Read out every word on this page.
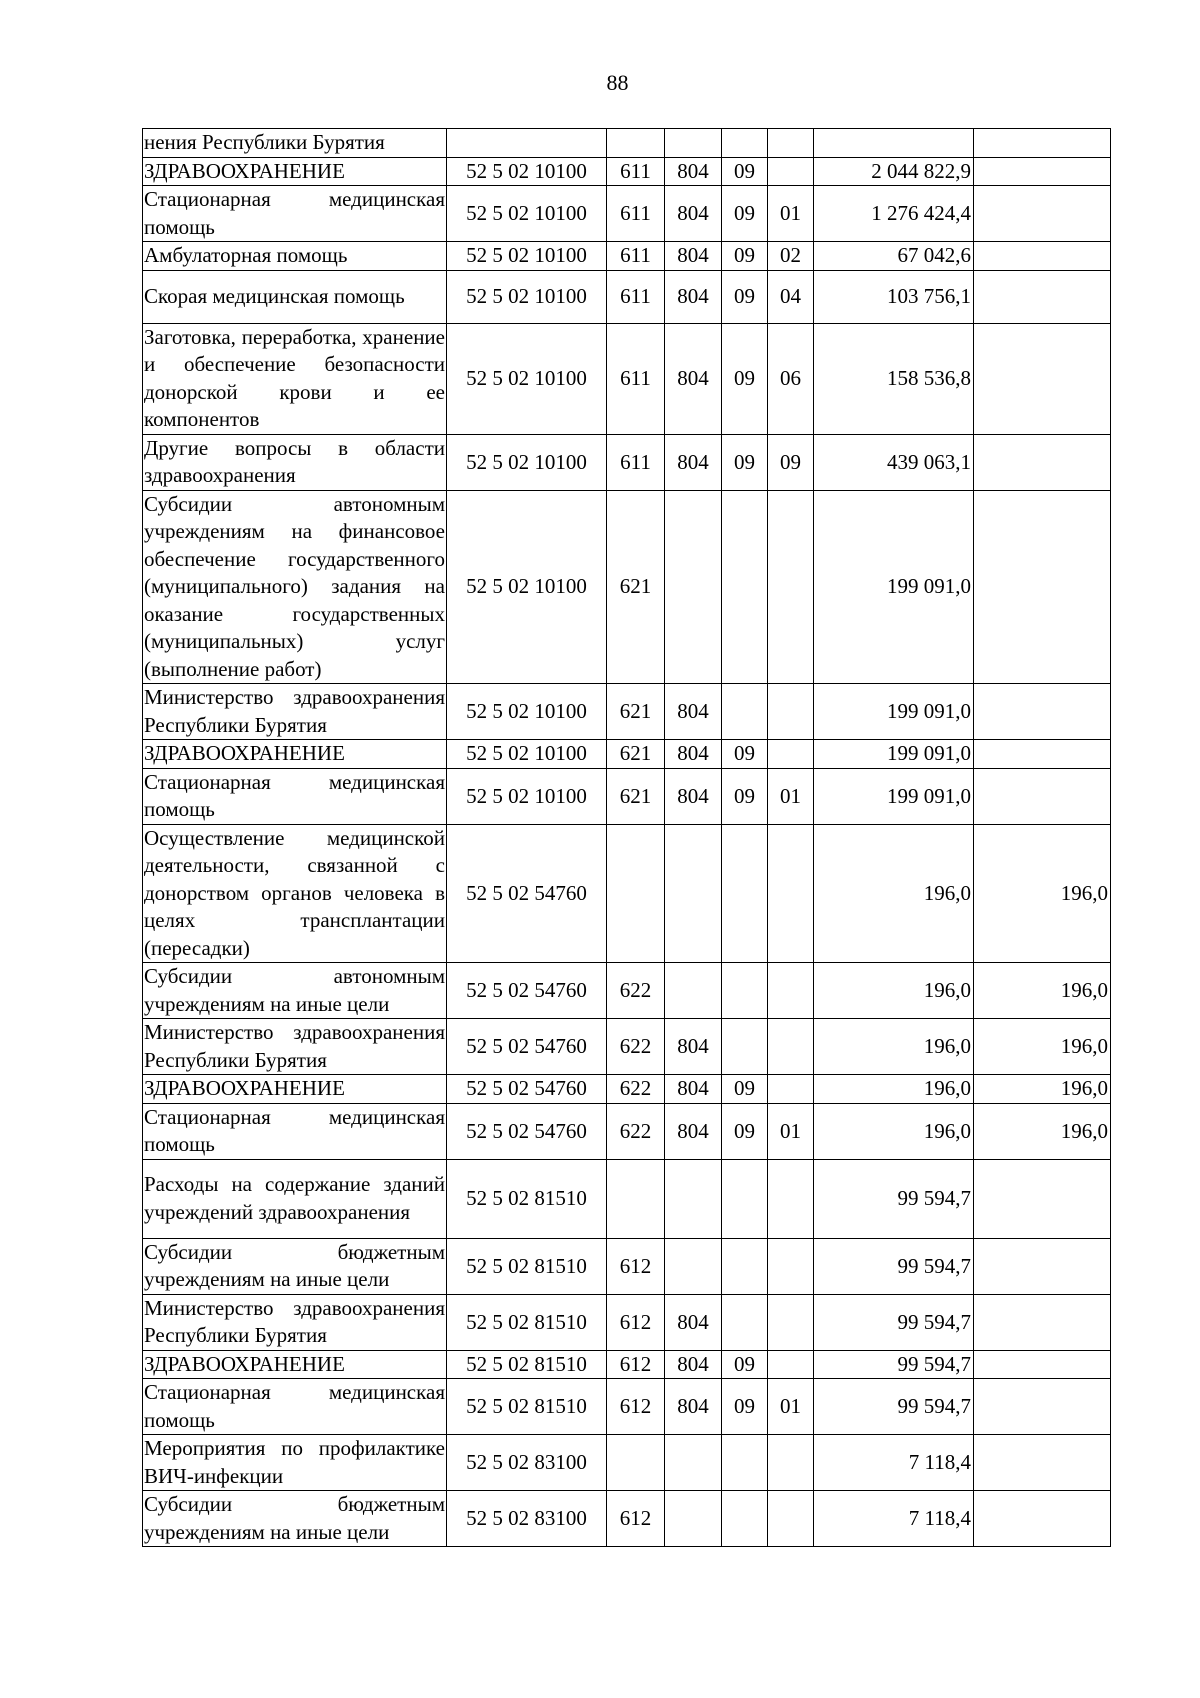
88
нения Республики Бурятия							
ЗДРАВООХРАНЕНИЕ	52 5 02 10100	611	804	09		2 044 822,9	
Стационарная медицинская помощь	52 5 02 10100	611	804	09	01	1 276 424,4	
Амбулаторная помощь	52 5 02 10100	611	804	09	02	67 042,6	
Скорая медицинская помощь	52 5 02 10100	611	804	09	04	103 756,1	
Заготовка, переработка, хранение и обеспечение безопасности донорской крови и ее компонентов	52 5 02 10100	611	804	09	06	158 536,8	
Другие вопросы в области здравоохранения	52 5 02 10100	611	804	09	09	439 063,1	
Субсидии автономным учреждениям на финансовое обеспечение государственного (муниципального) задания на оказание государственных (муниципальных) услуг (выполнение работ)	52 5 02 10100	621				199 091,0	
Министерство здравоохранения Республики Бурятия	52 5 02 10100	621	804			199 091,0	
ЗДРАВООХРАНЕНИЕ	52 5 02 10100	621	804	09		199 091,0	
Стационарная медицинская помощь	52 5 02 10100	621	804	09	01	199 091,0	
Осуществление медицинской деятельности, связанной с донорством органов человека в целях трансплантации (пересадки)	52 5 02 54760					196,0	196,0
Субсидии автономным учреждениям на иные цели	52 5 02 54760	622				196,0	196,0
Министерство здравоохранения Республики Бурятия	52 5 02 54760	622	804			196,0	196,0
ЗДРАВООХРАНЕНИЕ	52 5 02 54760	622	804	09		196,0	196,0
Стационарная медицинская помощь	52 5 02 54760	622	804	09	01	196,0	196,0
Расходы на содержание зданий учреждений здравоохранения	52 5 02 81510					99 594,7	
Субсидии бюджетным учреждениям на иные цели	52 5 02 81510	612				99 594,7	
Министерство здравоохранения Республики Бурятия	52 5 02 81510	612	804			99 594,7	
ЗДРАВООХРАНЕНИЕ	52 5 02 81510	612	804	09		99 594,7	
Стационарная медицинская помощь	52 5 02 81510	612	804	09	01	99 594,7	
Мероприятия по профилактике ВИЧ-инфекции	52 5 02 83100					7 118,4	
Субсидии бюджетным учреждениям на иные цели	52 5 02 83100	612				7 118,4	
